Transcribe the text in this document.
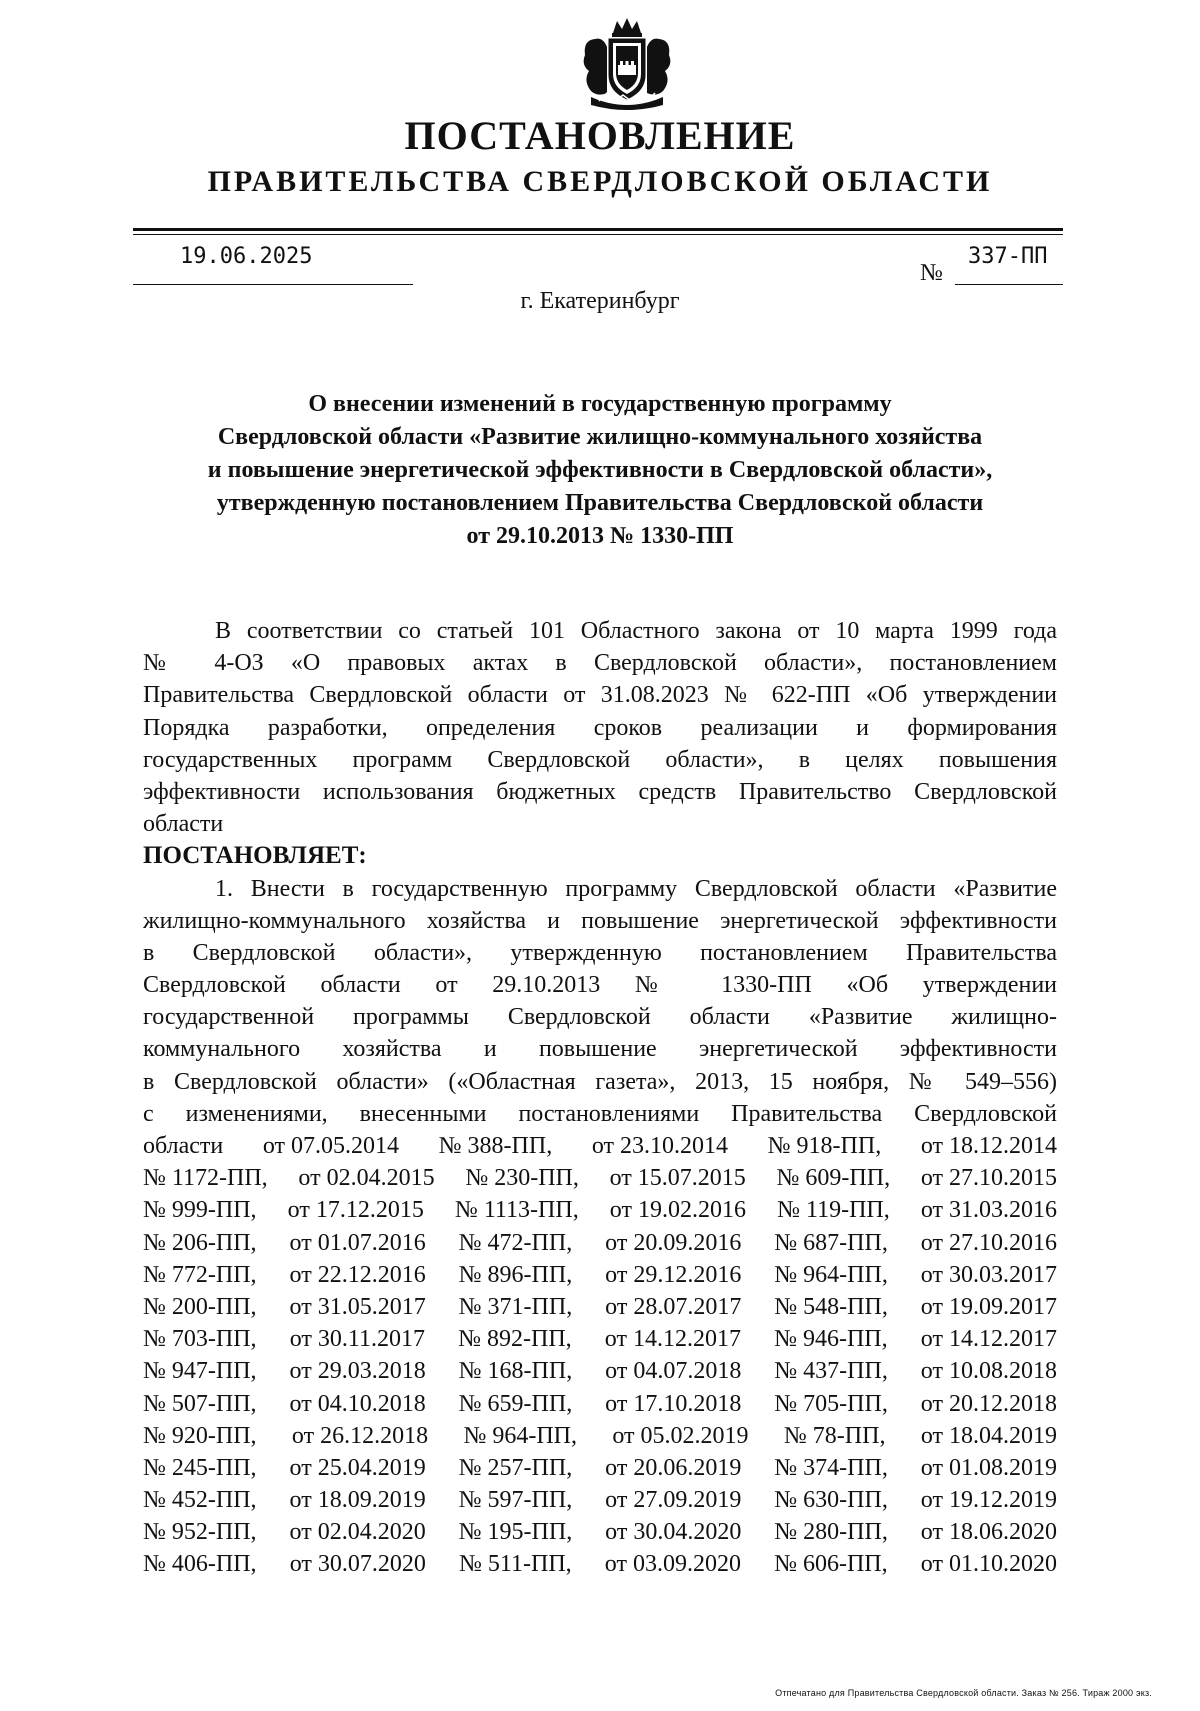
ПОСТАНОВЛЕНИЕ
ПРАВИТЕЛЬСТВА СВЕРДЛОВСКОЙ ОБЛАСТИ
19.06.2025
№
337-ПП
г. Екатеринбург
О внесении изменений в государственную программу
Свердловской области «Развитие жилищно-коммунального хозяйства
и повышение энергетической эффективности в Свердловской области»,
утвержденную постановлением Правительства Свердловской области
от 29.10.2013 № 1330-ПП
В соответствии со статьей 101 Областного закона от 10 марта 1999 года
№ 4-ОЗ «О правовых актах в Свердловской области», постановлением
Правительства Свердловской области от 31.08.2023 № 622-ПП «Об утверждении
Порядка разработки, определения сроков реализации и формирования
государственных программ Свердловской области», в целях повышения
эффективности использования бюджетных средств Правительство Свердловской
области
ПОСТАНОВЛЯЕТ:
1. Внести в государственную программу Свердловской области «Развитие
жилищно-коммунального хозяйства и повышение энергетической эффективности
в Свердловской области», утвержденную постановлением Правительства
Свердловской области от 29.10.2013 № 1330-ПП «Об утверждении
государственной программы Свердловской области «Развитие жилищно-
коммунального хозяйства и повышение энергетической эффективности
в Свердловской области» («Областная газета», 2013, 15 ноября, № 549–556)
с изменениями, внесенными постановлениями Правительства Свердловской
области от 07.05.2014 № 388-ПП, от 23.10.2014 № 918-ПП, от 18.12.2014
№ 1172-ПП, от 02.04.2015 № 230-ПП, от 15.07.2015 № 609-ПП, от 27.10.2015
№ 999-ПП, от 17.12.2015 № 1113-ПП, от 19.02.2016 № 119-ПП, от 31.03.2016
№ 206-ПП, от 01.07.2016 № 472-ПП, от 20.09.2016 № 687-ПП, от 27.10.2016
№ 772-ПП, от 22.12.2016 № 896-ПП, от 29.12.2016 № 964-ПП, от 30.03.2017
№ 200-ПП, от 31.05.2017 № 371-ПП, от 28.07.2017 № 548-ПП, от 19.09.2017
№ 703-ПП, от 30.11.2017 № 892-ПП, от 14.12.2017 № 946-ПП, от 14.12.2017
№ 947-ПП, от 29.03.2018 № 168-ПП, от 04.07.2018 № 437-ПП, от 10.08.2018
№ 507-ПП, от 04.10.2018 № 659-ПП, от 17.10.2018 № 705-ПП, от 20.12.2018
№ 920-ПП, от 26.12.2018 № 964-ПП, от 05.02.2019 № 78-ПП, от 18.04.2019
№ 245-ПП, от 25.04.2019 № 257-ПП, от 20.06.2019 № 374-ПП, от 01.08.2019
№ 452-ПП, от 18.09.2019 № 597-ПП, от 27.09.2019 № 630-ПП, от 19.12.2019
№ 952-ПП, от 02.04.2020 № 195-ПП, от 30.04.2020 № 280-ПП, от 18.06.2020
№ 406-ПП, от 30.07.2020 № 511-ПП, от 03.09.2020 № 606-ПП, от 01.10.2020
Отпечатано для Правительства Свердловской области. Заказ № 256. Тираж 2000 экз.
